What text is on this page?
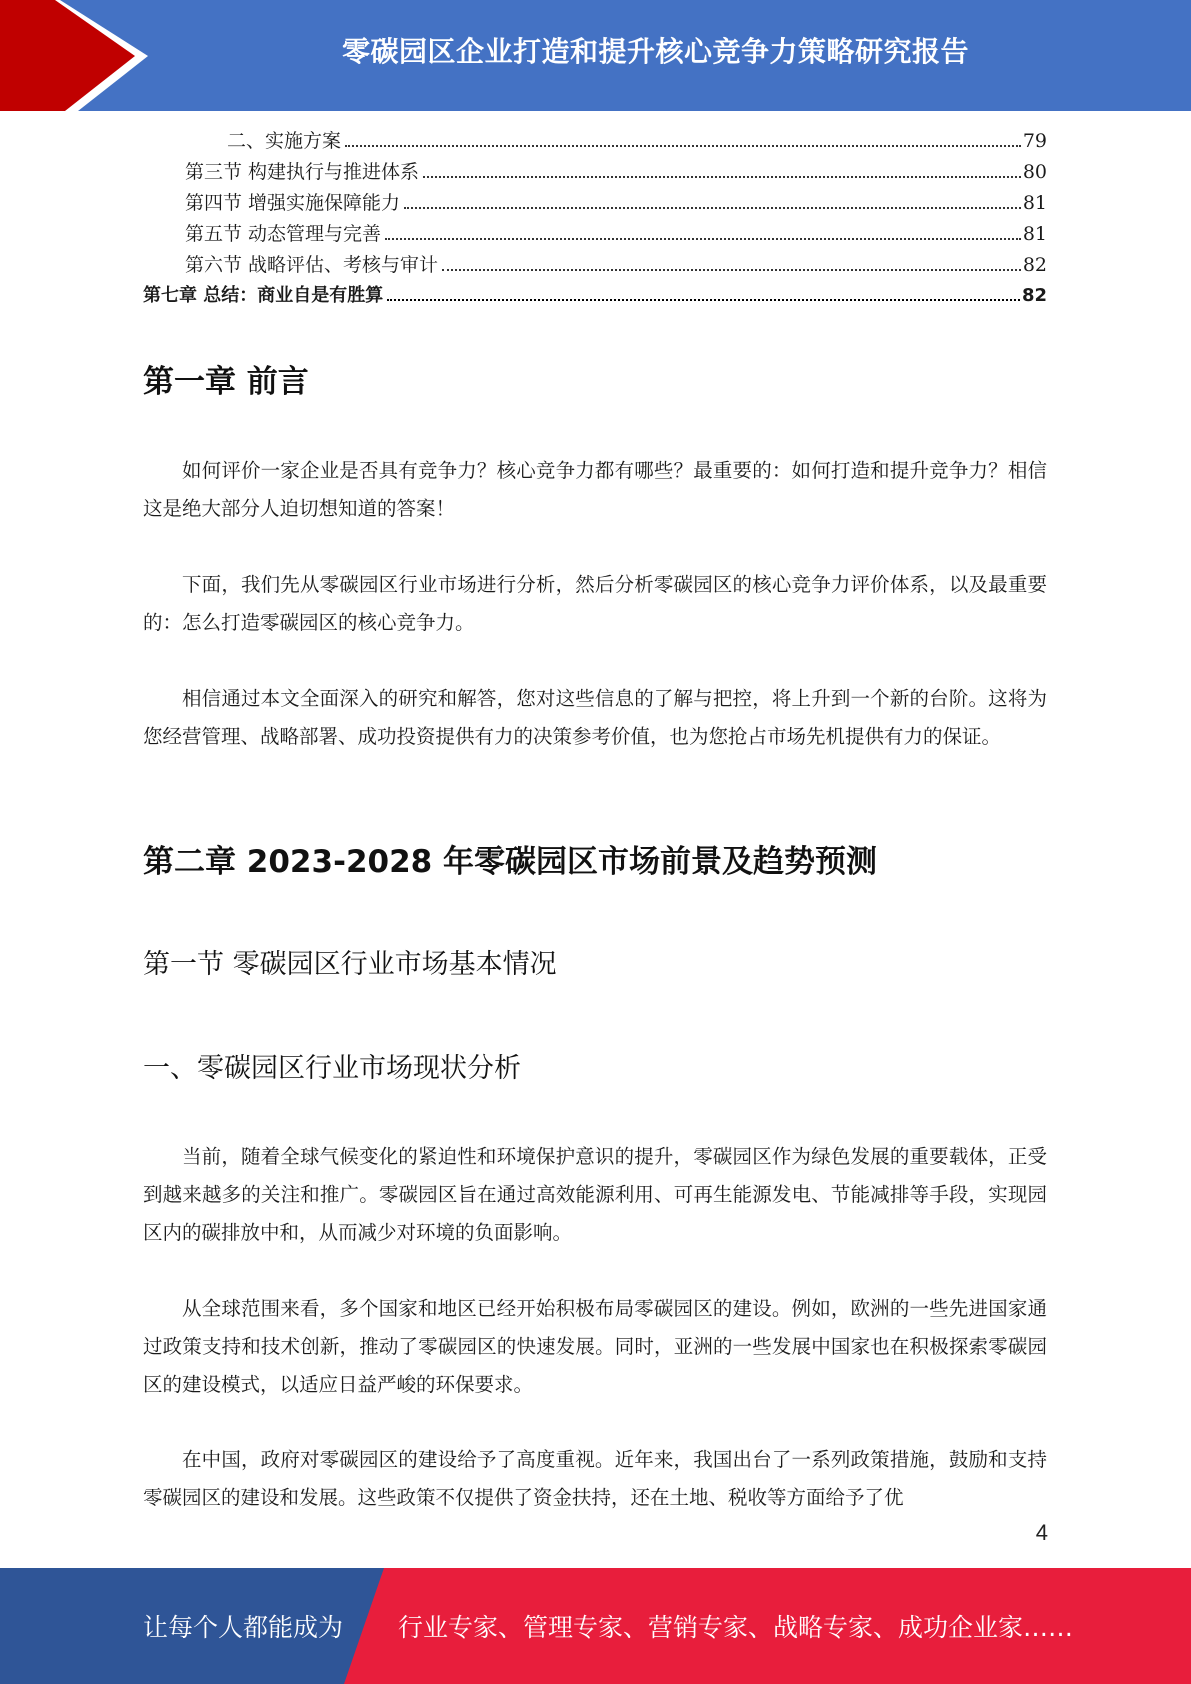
零碳园区企业打造和提升核心竞争力策略研究报告
二、实施方案	79
第三节 构建执行与推进体系	80
第四节 增强实施保障能力	81
第五节 动态管理与完善	81
第六节 战略评估、考核与审计	82
第七章 总结：商业自是有胜算	82
第一章 前言
如何评价一家企业是否具有竞争力？核心竞争力都有哪些？最重要的：如何打造和提升竞争力？相信这是绝大部分人迫切想知道的答案！
下面，我们先从零碳园区行业市场进行分析，然后分析零碳园区的核心竞争力评价体系，以及最重要的：怎么打造零碳园区的核心竞争力。
相信通过本文全面深入的研究和解答，您对这些信息的了解与把控，将上升到一个新的台阶。这将为您经营管理、战略部署、成功投资提供有力的决策参考价值，也为您抢占市场先机提供有力的保证。
第二章 2023-2028 年零碳园区市场前景及趋势预测
第一节 零碳园区行业市场基本情况
一、零碳园区行业市场现状分析
当前，随着全球气候变化的紧迫性和环境保护意识的提升，零碳园区作为绿色发展的重要载体，正受到越来越多的关注和推广。零碳园区旨在通过高效能源利用、可再生能源发电、节能减排等手段，实现园区内的碳排放中和，从而减少对环境的负面影响。
从全球范围来看，多个国家和地区已经开始积极布局零碳园区的建设。例如，欧洲的一些先进国家通过政策支持和技术创新，推动了零碳园区的快速发展。同时，亚洲的一些发展中国家也在积极探索零碳园区的建设模式，以适应日益严峻的环保要求。
在中国，政府对零碳园区的建设给予了高度重视。近年来，我国出台了一系列政策措施，鼓励和支持零碳园区的建设和发展。这些政策不仅提供了资金扶持，还在土地、税收等方面给予了优
4
让每个人都能成为 行业专家、管理专家、营销专家、战略专家、成功企业家……
